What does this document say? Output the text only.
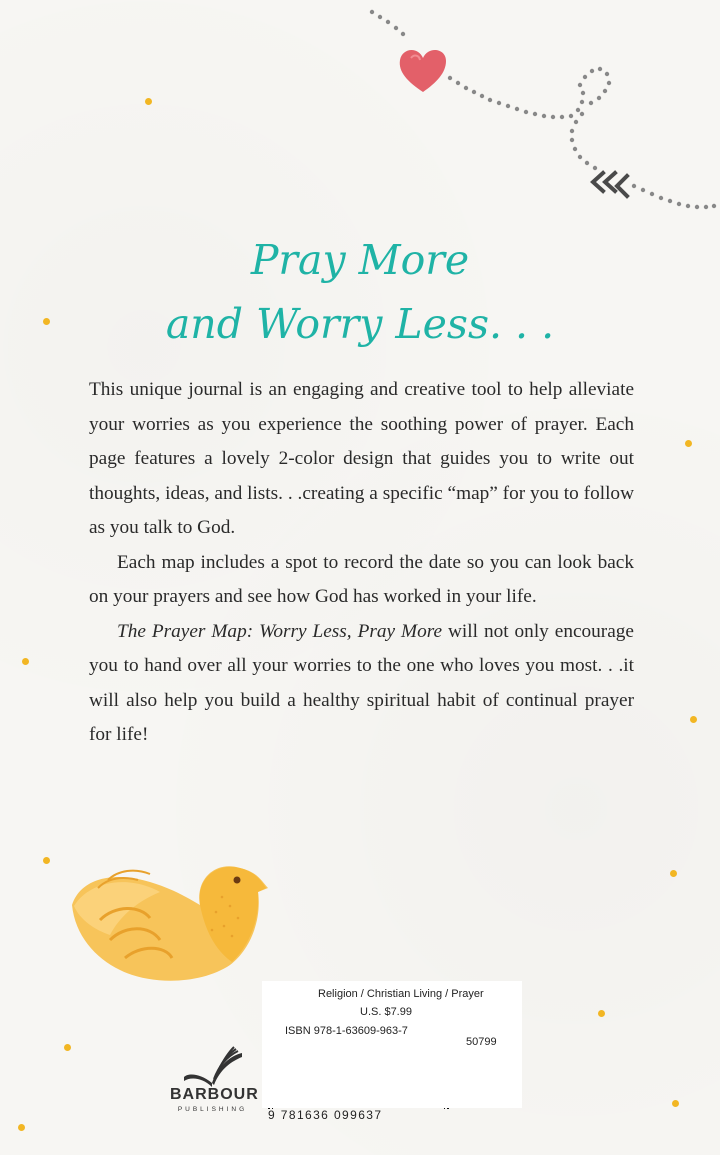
Pray More
and Worry Less. . .

This unique journal is an engaging and creative tool to help alleviate your worries as you experience the soothing power of prayer. Each page features a lovely 2-color design that guides you to write out thoughts, ideas, and lists. . .creating a specific “map” for you to follow as you talk to God.

Each map includes a spot to record the date so you can look back on your prayers and see how God has worked in your life.

The Prayer Map: Worry Less, Pray More will not only encourage you to hand over all your worries to the one who loves you most. . .it will also help you build a healthy spiritual habit of continual prayer for life!

Religion / Christian Living / Prayer
U.S. $7.99
ISBN 978-1-63609-963-7
50799
9 781636 099637
BARBOUR
PUBLISHING
